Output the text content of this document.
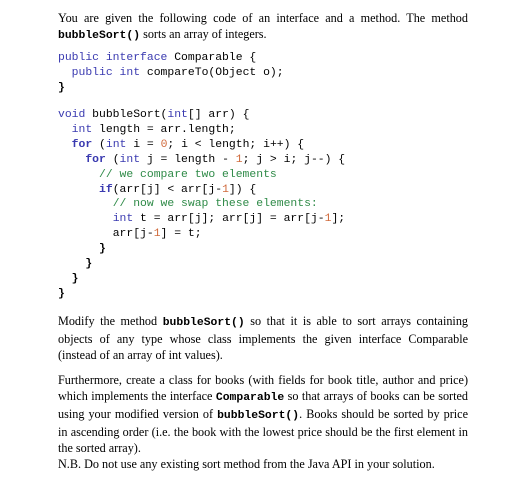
You are given the following code of an interface and a method. The method bubbleSort() sorts an array of integers.

public interface Comparable {
public int compareTo(Object o);
}
void bubbleSort(int[] arr) {
int length = arr.length;
for (int i = 0; i < length; i++) {
for (int j = length - 1; j > i; j--) {
// we compare two elements
if(arr[j] < arr[j-1]) {
// now we swap these elements:
int t = arr[j]; arr[j] = arr[j-1];
arr[j-1] = t;
}
}
}
}

Modify the method bubbleSort() so that it is able to sort arrays containing objects of any type whose class implements the given interface Comparable (instead of an array of int values).

Furthermore, create a class for books (with fields for book title, author and price) which implements the interface Comparable so that arrays of books can be sorted using your modified version of bubbleSort(). Books should be sorted by price in ascending order (i.e. the book with the lowest price should be the first element in the sorted array).

N.B. Do not use any existing sort method from the Java API in your solution.
